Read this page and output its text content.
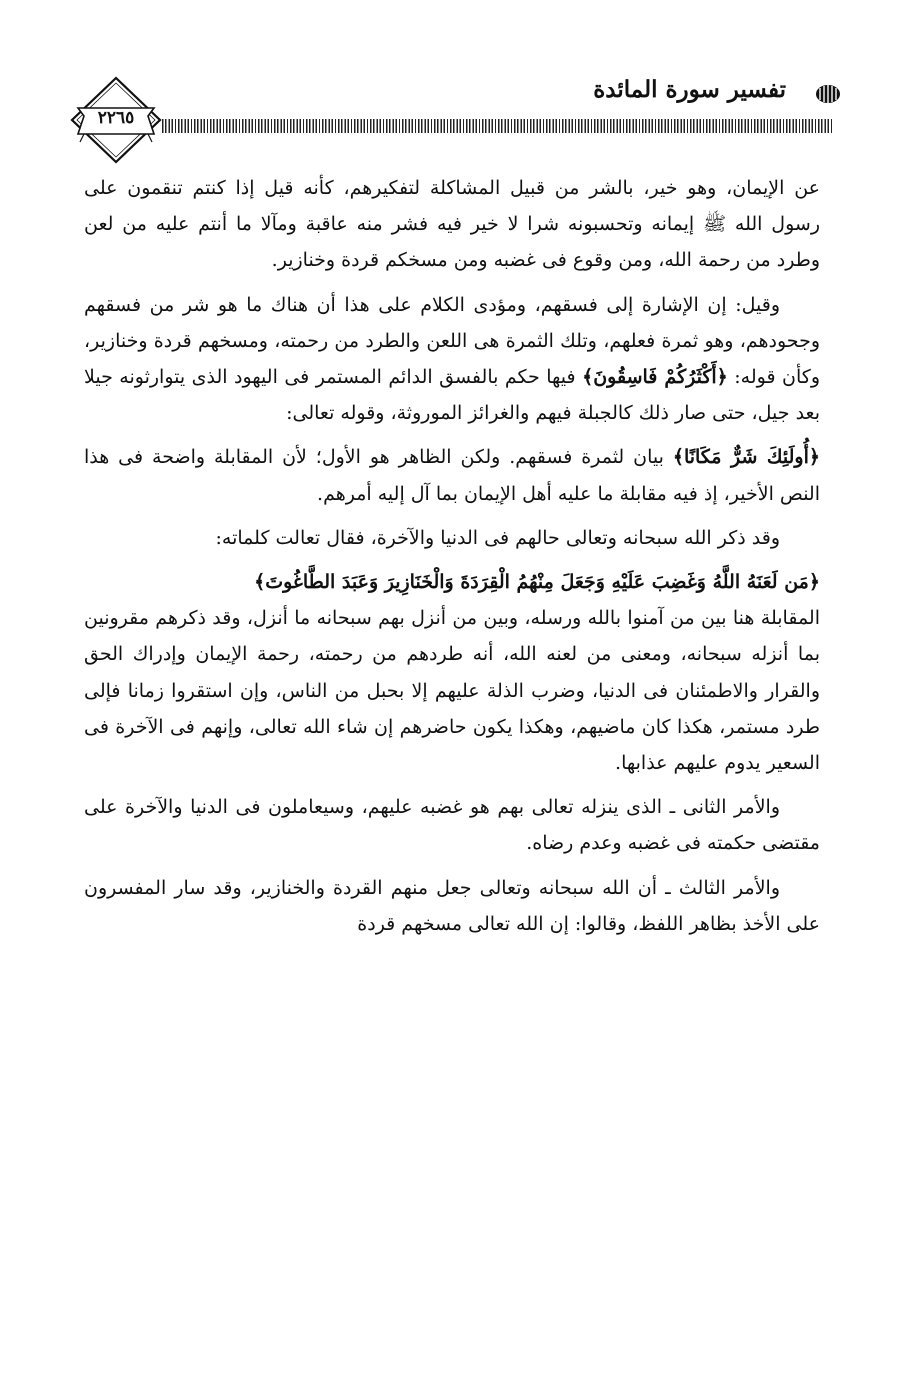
٢٢٦٥
تفسير سورة المائدة

عن الإيمان، وهو خير، بالشر من قبيل المشاكلة لتفكيرهم، كأنه قيل إذا كنتم تنقمون على رسول الله ﷺ إيمانه وتحسبونه شرا لا خير فيه فشر منه عاقبة ومآلا ما أنتم عليه من لعن وطرد من رحمة الله، ومن وقوع فى غضبه ومن مسخكم قردة وخنازير.

وقيل: إن الإشارة إلى فسقهم، ومؤدى الكلام على هذا أن هناك ما هو شر من فسقهم وجحودهم، وهو ثمرة فعلهم، وتلك الثمرة هى اللعن والطرد من رحمته، ومسخهم قردة وخنازير، وكأن قوله: ﴿أَكْثَرُكُمْ فَاسِقُونَ﴾ فيها حكم بالفسق الدائم المستمر فى اليهود الذى يتوارثونه جيلا بعد جيل، حتى صار ذلك كالجبلة فيهم والغرائز الموروثة، وقوله تعالى:

﴿أُولَئِكَ شَرٌّ مَكَانًا﴾ بيان لثمرة فسقهم. ولكن الظاهر هو الأول؛ لأن المقابلة واضحة فى هذا النص الأخير، إذ فيه مقابلة ما عليه أهل الإيمان بما آل إليه أمرهم.

وقد ذكر الله سبحانه وتعالى حالهم فى الدنيا والآخرة، فقال تعالت كلماته:

﴿مَن لَعَنَهُ اللَّهُ وَغَضِبَ عَلَيْهِ وَجَعَلَ مِنْهُمُ الْقِرَدَةَ وَالْخَنَازِيرَ وَعَبَدَ الطَّاغُوتَ﴾

المقابلة هنا بين من آمنوا بالله ورسله، وبين من أنزل بهم سبحانه ما أنزل، وقد ذكرهم مقرونين بما أنزله سبحانه، ومعنى من لعنه الله، أنه طردهم من رحمته، رحمة الإيمان وإدراك الحق والقرار والاطمئنان فى الدنيا، وضرب الذلة عليهم إلا بحبل من الناس، وإن استقروا زمانا فإلى طرد مستمر، هكذا كان ماضيهم، وهكذا يكون حاضرهم إن شاء الله تعالى، وإنهم فى الآخرة فى السعير يدوم عليهم عذابها.

والأمر الثانى ـ الذى ينزله تعالى بهم هو غضبه عليهم، وسيعاملون فى الدنيا والآخرة على مقتضى حكمته فى غضبه وعدم رضاه.

والأمر الثالث ـ أن الله سبحانه وتعالى جعل منهم القردة والخنازير، وقد سار المفسرون على الأخذ بظاهر اللفظ، وقالوا: إن الله تعالى مسخهم قردة
